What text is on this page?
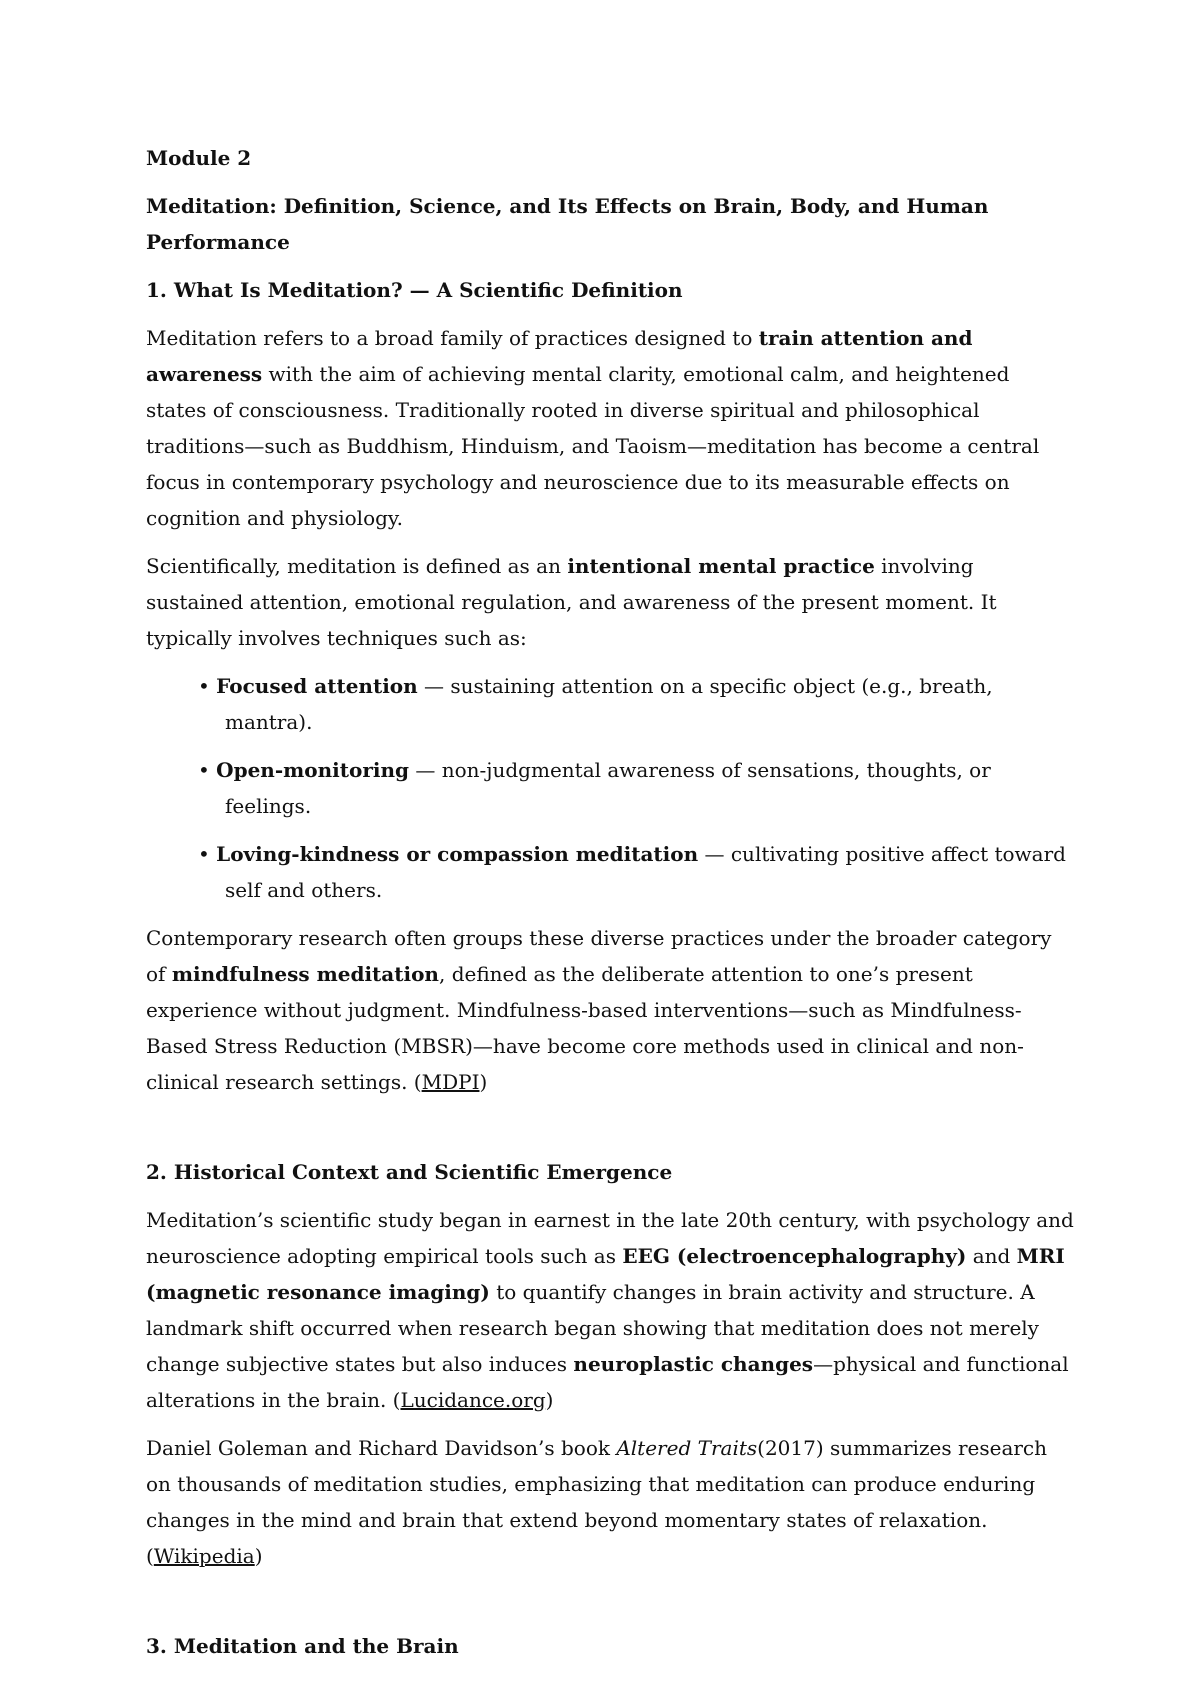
Module 2

Meditation: Definition, Science, and Its Effects on Brain, Body, and Human Performance

1. What Is Meditation? — A Scientific Definition

Meditation refers to a broad family of practices designed to train attention and awareness with the aim of achieving mental clarity, emotional calm, and heightened states of consciousness. Traditionally rooted in diverse spiritual and philosophical traditions—such as Buddhism, Hinduism, and Taoism—meditation has become a central focus in contemporary psychology and neuroscience due to its measurable effects on cognition and physiology.

Scientifically, meditation is defined as an intentional mental practice involving sustained attention, emotional regulation, and awareness of the present moment. It typically involves techniques such as:

• Focused attention — sustaining attention on a specific object (e.g., breath, mantra).
• Open-monitoring — non-judgmental awareness of sensations, thoughts, or feelings.
• Loving-kindness or compassion meditation — cultivating positive affect toward self and others.

Contemporary research often groups these diverse practices under the broader category of mindfulness meditation, defined as the deliberate attention to one’s present experience without judgment. Mindfulness-based interventions—such as Mindfulness-Based Stress Reduction (MBSR)—have become core methods used in clinical and non-clinical research settings. (MDPI)

2. Historical Context and Scientific Emergence

Meditation’s scientific study began in earnest in the late 20th century, with psychology and neuroscience adopting empirical tools such as EEG (electroencephalography) and MRI (magnetic resonance imaging) to quantify changes in brain activity and structure. A landmark shift occurred when research began showing that meditation does not merely change subjective states but also induces neuroplastic changes—physical and functional alterations in the brain. (Lucidance.org)

Daniel Goleman and Richard Davidson’s book Altered Traits(2017) summarizes research on thousands of meditation studies, emphasizing that meditation can produce enduring changes in the mind and brain that extend beyond momentary states of relaxation. (Wikipedia)

3. Meditation and the Brain
